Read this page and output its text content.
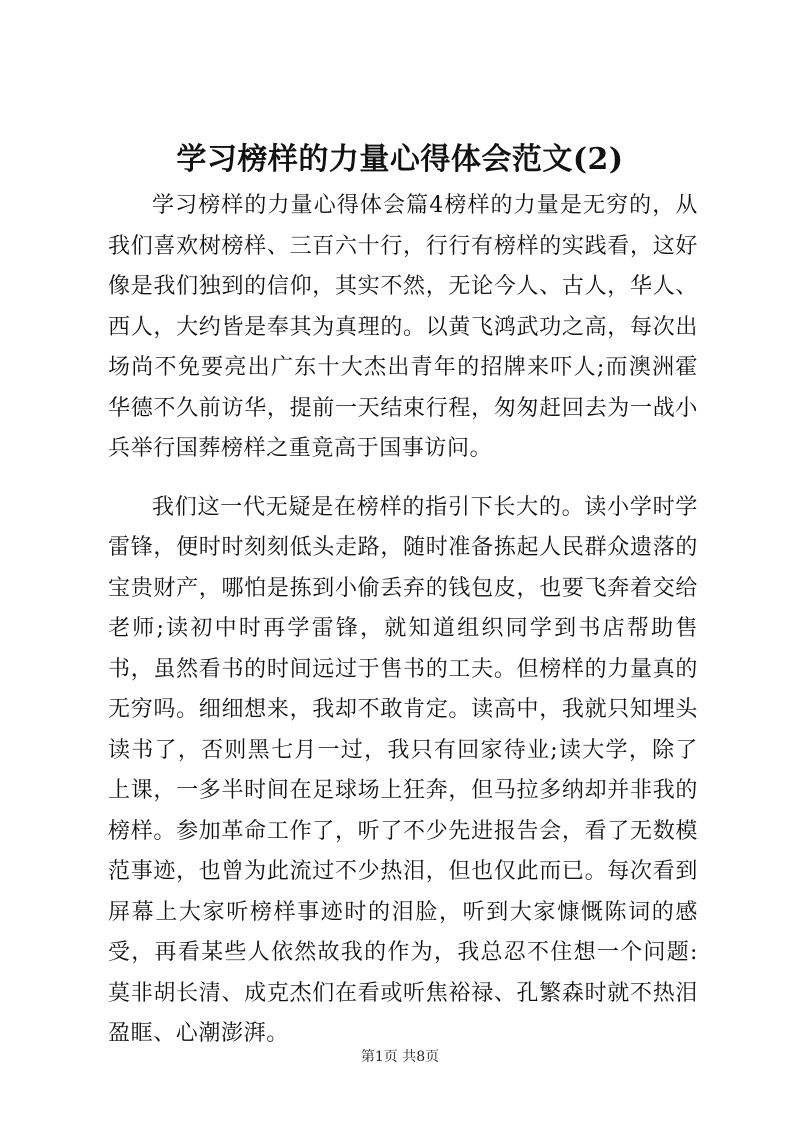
学习榜样的力量心得体会范文(2)

学习榜样的力量心得体会篇4榜样的力量是无穷的，从我们喜欢树榜样、三百六十行，行行有榜样的实践看，这好像是我们独到的信仰，其实不然，无论今人、古人，华人、西人，大约皆是奉其为真理的。以黄飞鸿武功之高，每次出场尚不免要亮出广东十大杰出青年的招牌来吓人;而澳洲霍华德不久前访华，提前一天结束行程，匆匆赶回去为一战小兵举行国葬榜样之重竟高于国事访问。

我们这一代无疑是在榜样的指引下长大的。读小学时学雷锋，便时时刻刻低头走路，随时准备拣起人民群众遗落的宝贵财产，哪怕是拣到小偷丢弃的钱包皮，也要飞奔着交给老师;读初中时再学雷锋，就知道组织同学到书店帮助售书，虽然看书的时间远过于售书的工夫。但榜样的力量真的无穷吗。细细想来，我却不敢肯定。读高中，我就只知埋头读书了，否则黑七月一过，我只有回家待业;读大学，除了上课，一多半时间在足球场上狂奔，但马拉多纳却并非我的榜样。参加革命工作了，听了不少先进报告会，看了无数模范事迹，也曾为此流过不少热泪，但也仅此而已。每次看到屏幕上大家听榜样事迹时的泪脸，听到大家慷慨陈词的感受，再看某些人依然故我的作为，我总忍不住想一个问题:莫非胡长清、成克杰们在看或听焦裕禄、孔繁森时就不热泪盈眶、心潮澎湃。

第1页 共8页
